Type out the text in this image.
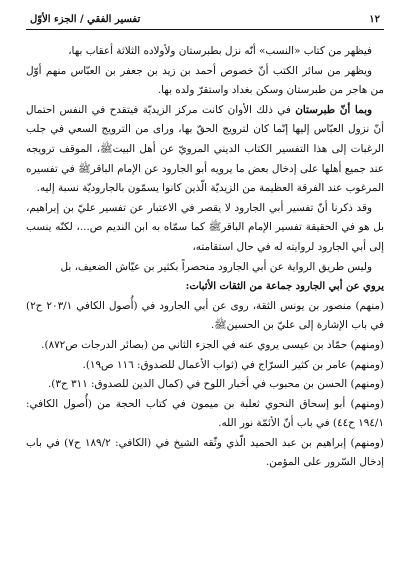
١٢
تفسير الفقي / الجزء الأوّل

فيظهر من كتاب «النسب» أنّه نزل بطبرستان ولأولاده الثلاثة أعقاب بها،

ويظهر من سائر الكتب أنّ خصوص أحمد بن زيد بن جعفر بن العبّاس منهم أوّل من هاجر من طبرستان وسكن بغداد واستقرّ ولده بها.

وبما أنّ طبرستان في ذلك الأوان كانت مركز الزيديّة فيتقدح في النفس احتمال أنّ نزول العبّاس إليها إنّما كان لترويج الحقّ بها، وراى من الترويج السعي في جلب الرغبات إلى هذا التفسير الكتاب الديني المرويّ عن أهل البيتﷺ، الموقف ترويجه عند جميع أهلها على إدخال بعض ما يرويه أبو الجارود عن الإمام الباقرﷺ في تفسيره المرغوب عند الفرقة العظيمة من الزيديّة الّذين كانوا يسمّون بالجاروديّة نسبة إليه.

وقد ذكرنا أنّ تفسير أبي الجارود لا يقصر في الاعتبار عن تفسير عليّ بن إبراهيم، بل هو في الحقيقة تفسير الإمام الباقرﷺ كما سمّاه به ابن النديم ص...، لكنّه ينسب إلى أبي الجارود لروايته له في حال استقامته،

وليس طريق الرواية عن أبي الجارود منحصراً بكثير بن عيّاش الضعيف، بل

يروي عن أبي الجارود جماعة من الثقات الأثبات:

(منهم) منصور بن يونس الثقة، روى عن أبي الجارود في (أُصول الكافي ٢٠٣/١ ح٢) في باب الإشارة إلى عليّ بن الحسينﷺ.

(ومنهم) حمّاد بن عيسى يروي عنه في الجزء الثاني من (بصائر الدرجات ص٨٧٢).

(ومنهم) عامر بن كثير السرّاج في (ثواب الأعمال للصدوق: ١١٦ ص١٩).

(ومنهم) الحسن بن محبوب في أخبار اللوح في (كمال الدين للصدوق: ٣١١ ح٣).

(ومنهم) أبو إسحاق النحوي ثعلبة بن ميمون في كتاب الحجة من (أُصول الكافي: ١٩٤/١ ح٤٤) في باب أنّ الأئمّة نور الله.

(ومنهم) إبراهيم بن عبد الحميد الّذي وثّقه الشيخ في (الكافي: ١٨٩/٢ ح٧) في باب إدخال السّرور على المؤمن.
